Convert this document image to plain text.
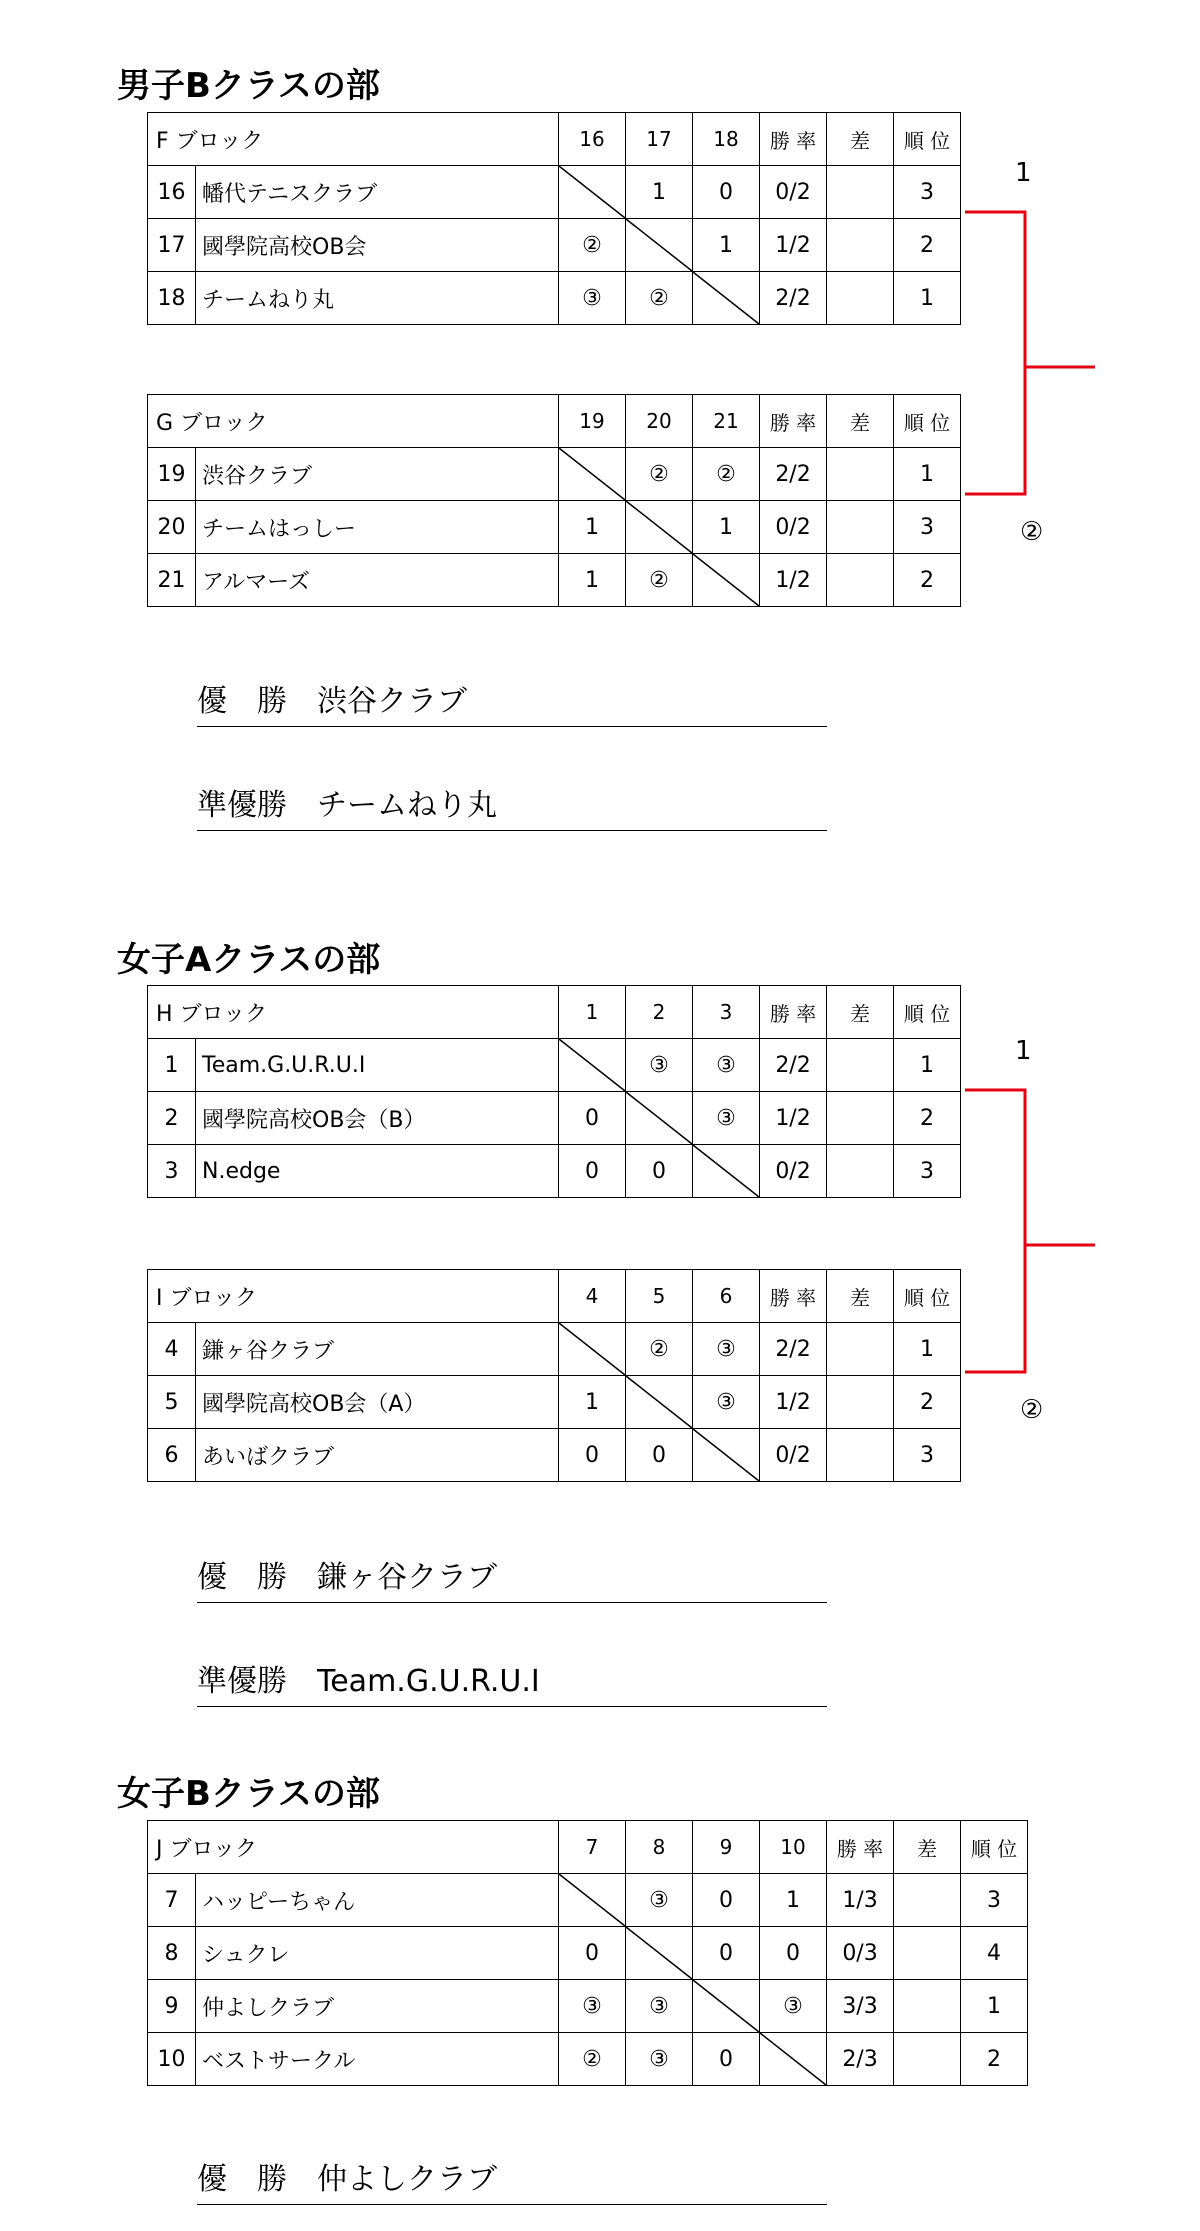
男子Bクラスの部
F ブロック		16	17	18	勝 率	差	順 位
16	幡代テニスクラブ		1	0	0/2		3
17	國學院高校OB会	②		1	1/2		2
18	チームねり丸	③	②		2/2		1
G ブロック		19	20	21	勝 率	差	順 位
19	渋谷クラブ		②	②	2/2		1
20	チームはっしー	1		1	0/2		3
21	アルマーズ	1	②		1/2		2
1
②
優　勝 渋谷クラブ
準優勝 チームねり丸
女子Aクラスの部
H ブロック		1	2	3	勝 率	差	順 位
1	Team.G.U.R.U.I		③	③	2/2		1
2	國學院高校OB会（B）	0		③	1/2		2
3	N.edge	0	0		0/2		3
I ブロック		4	5	6	勝 率	差	順 位
4	鎌ヶ谷クラブ		②	③	2/2		1
5	國學院高校OB会（A）	1		③	1/2		2
6	あいばクラブ	0	0		0/2		3
1
②
優　勝 鎌ヶ谷クラブ
準優勝 Team.G.U.R.U.I
女子Bクラスの部
J ブロック		7	8	9	10	勝 率	差	順 位
7	ハッピーちゃん		③	0	1	1/3		3
8	シュクレ	0		0	0	0/3		4
9	仲よしクラブ	③	③		③	3/3		1
10	ベストサークル	②	③	0		2/3		2
優　勝 仲よしクラブ
